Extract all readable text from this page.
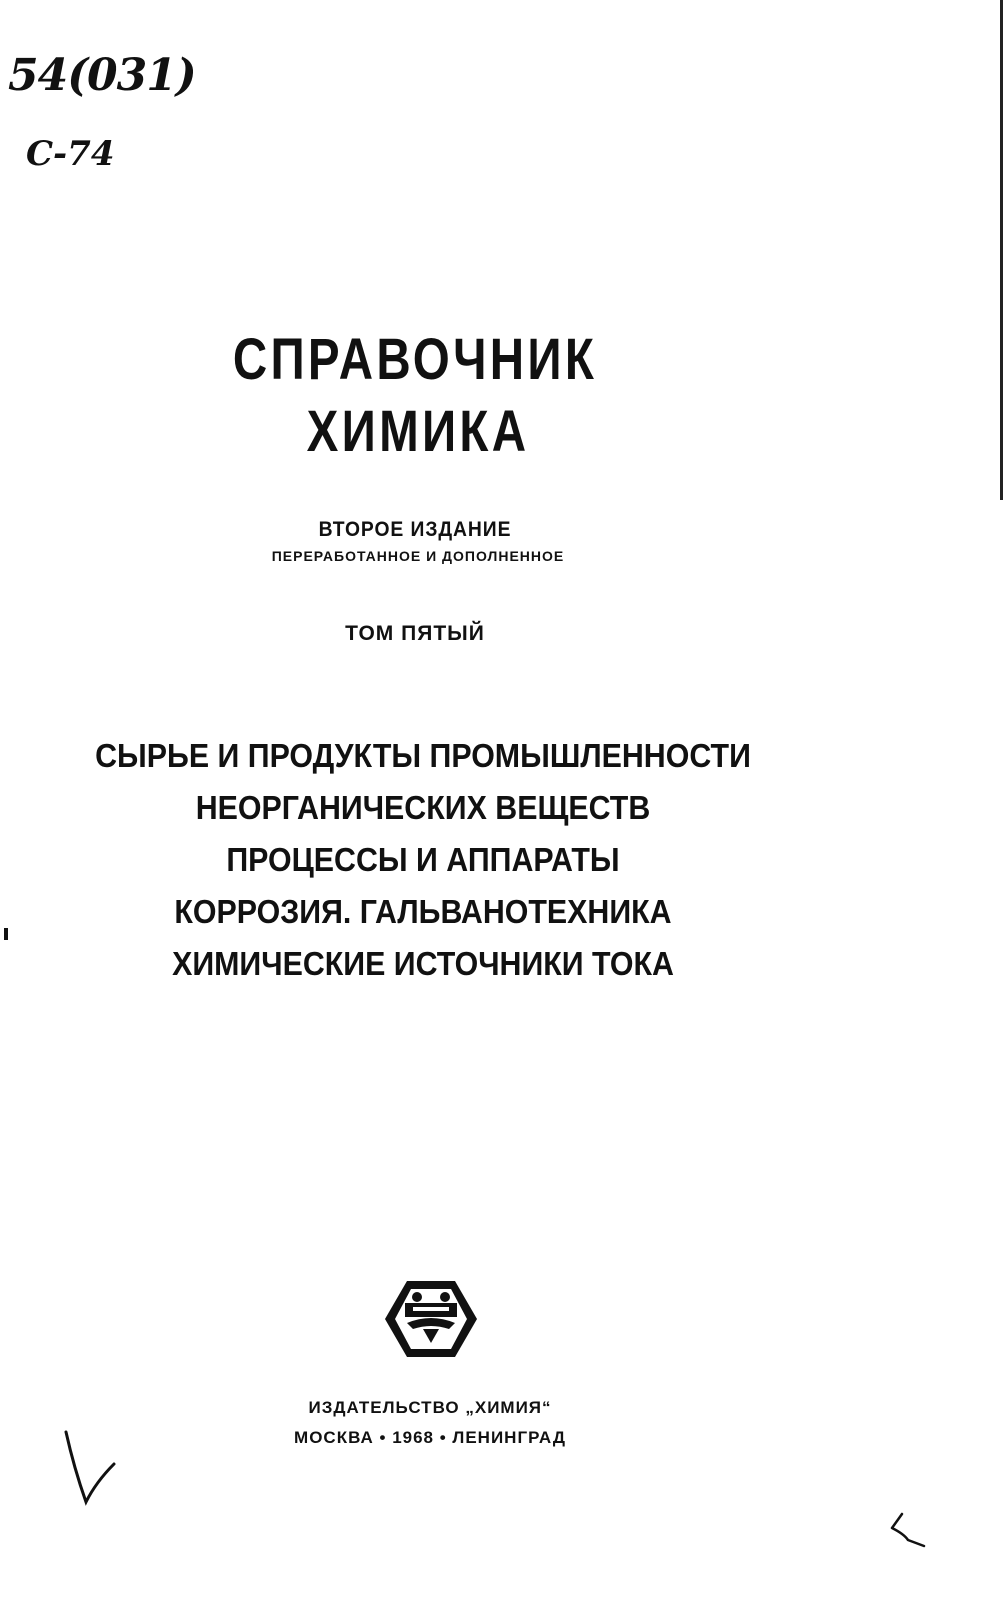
54(031)
С-74
СПРАВОЧНИК
ХИМИКА
ВТОРОЕ ИЗДАНИЕ
ПЕРЕРАБОТАННОЕ И ДОПОЛНЕННОЕ
ТОМ ПЯТЫЙ
СЫРЬЕ И ПРОДУКТЫ ПРОМЫШЛЕННОСТИ
НЕОРГАНИЧЕСКИХ ВЕЩЕСТВ
ПРОЦЕССЫ И АППАРАТЫ
КОРРОЗИЯ. ГАЛЬВАНОТЕХНИКА
ХИМИЧЕСКИЕ ИСТОЧНИКИ ТОКА
ИЗДАТЕЛЬСТВО „ХИМИЯ“
МОСКВА • 1968 • ЛЕНИНГРАД
